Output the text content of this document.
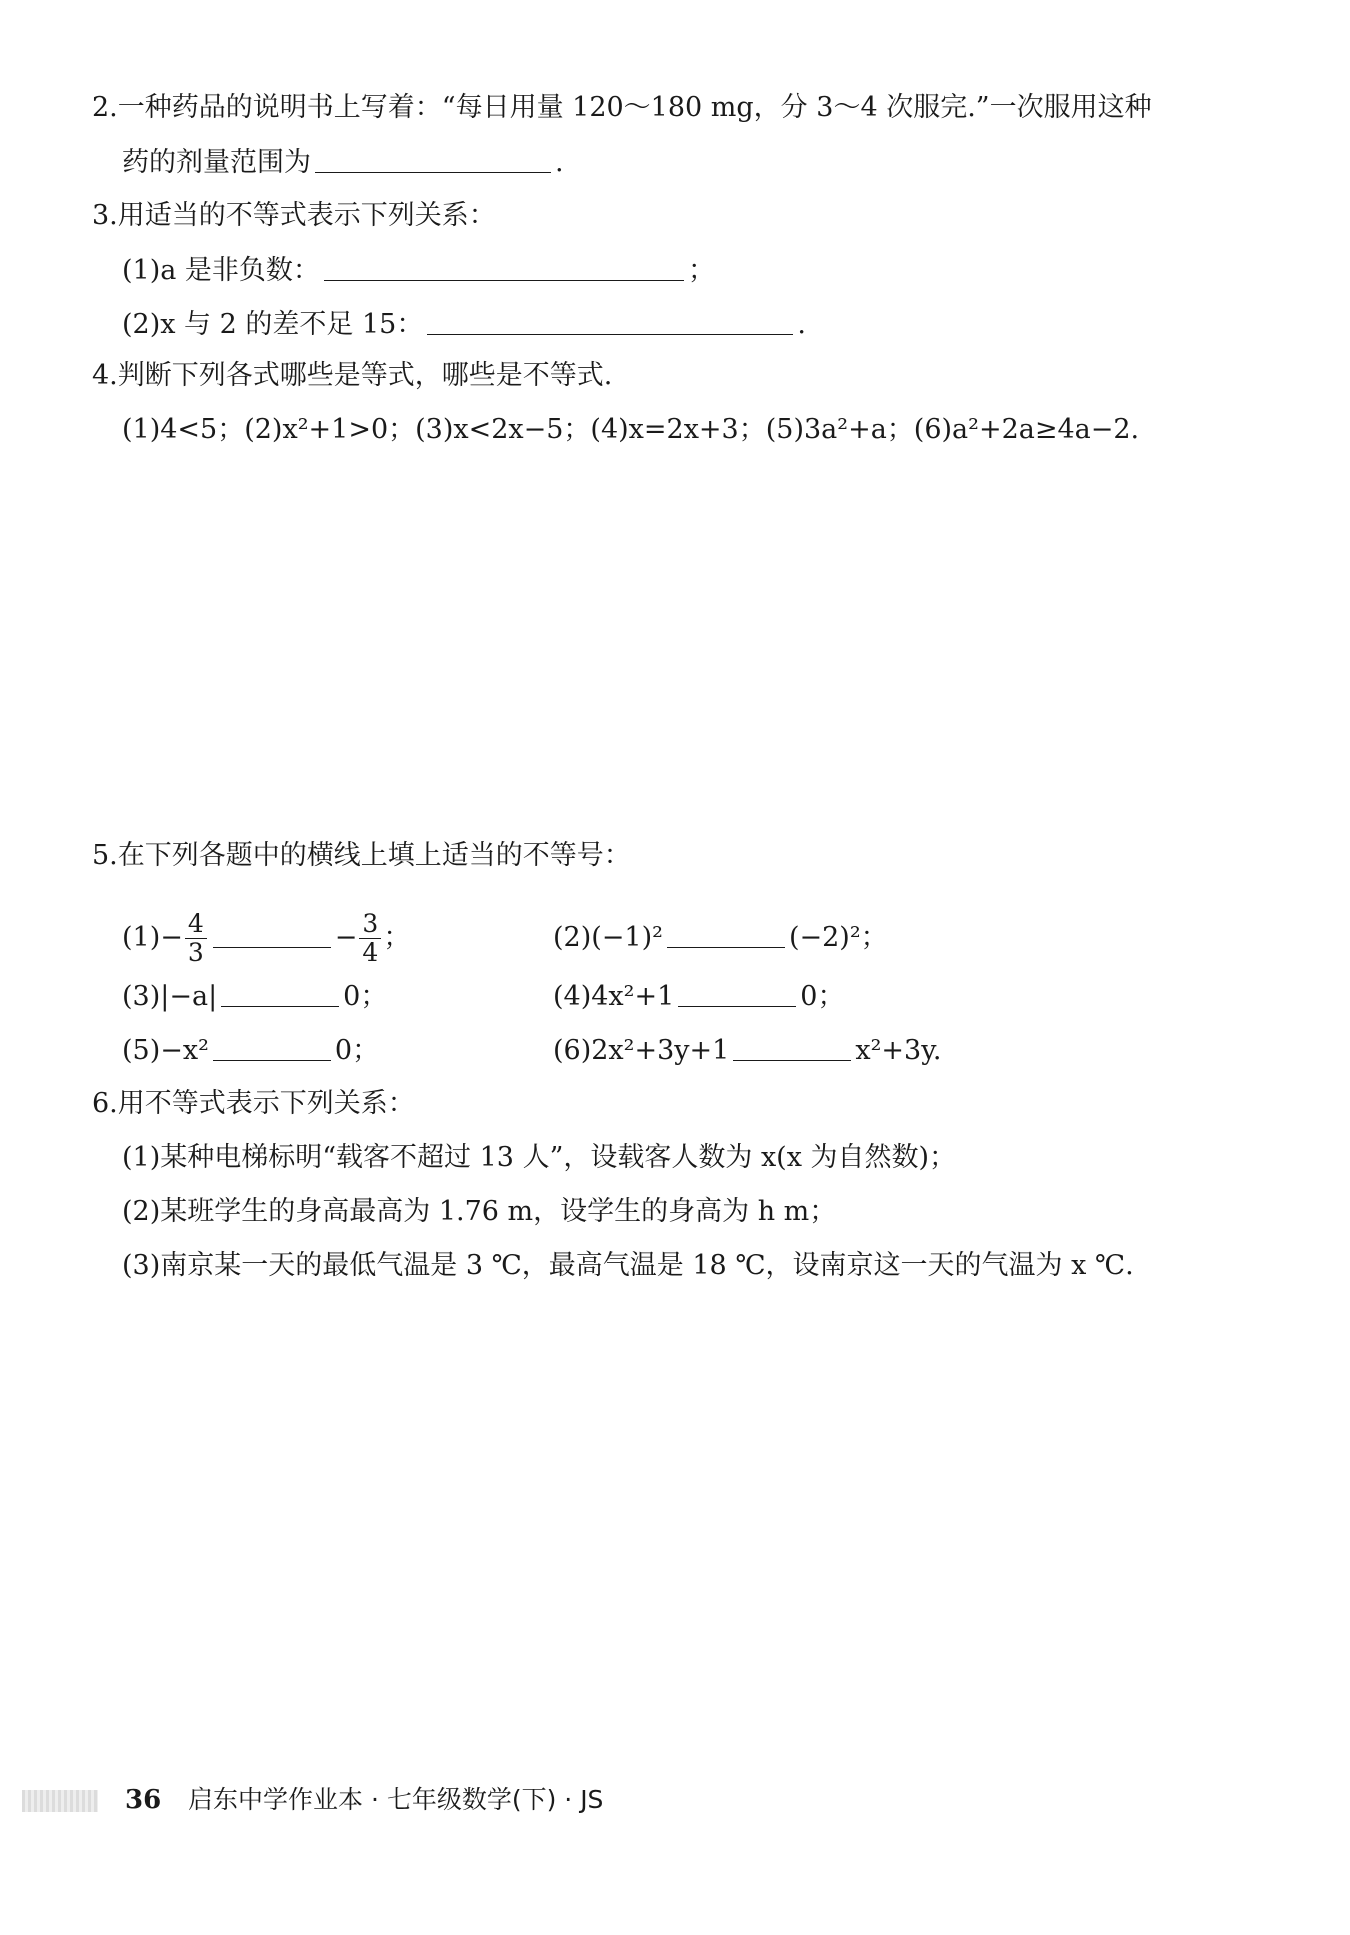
2.一种药品的说明书上写着：“每日用量 120～180 mg，分 3～4 次服完.”一次服用这种
药的剂量范围为	.
3.用适当的不等式表示下列关系：
(1)a 是非负数：	；
(2)x 与 2 的差不足 15：	.
4.判断下列各式哪些是等式，哪些是不等式.
(1)4<5；(2)x²+1>0；(3)x<2x−5；(4)x=2x+3；(5)3a²+a；(6)a²+2a≥4a−2.
5.在下列各题中的横线上填上适当的不等号：
$(1)- \frac{4}{3}$	− $\frac{3}{4}$ ；	(2)(−1)²	(−2)²；
(3)|−a|	0；	(4)4x²+1	0；
(5)−x²	0；	(6)2x²+3y+1	x²+3y.
6.用不等式表示下列关系：
(1)某种电梯标明“载客不超过 13 人”，设载客人数为 x(x 为自然数)；
(2)某班学生的身高最高为 1.76 m，设学生的身高为 h m；
(3)南京某一天的最低气温是 3 ℃，最高气温是 18 ℃，设南京这一天的气温为 x ℃.
36 启东中学作业本 · 七年级数学(下) · JS
